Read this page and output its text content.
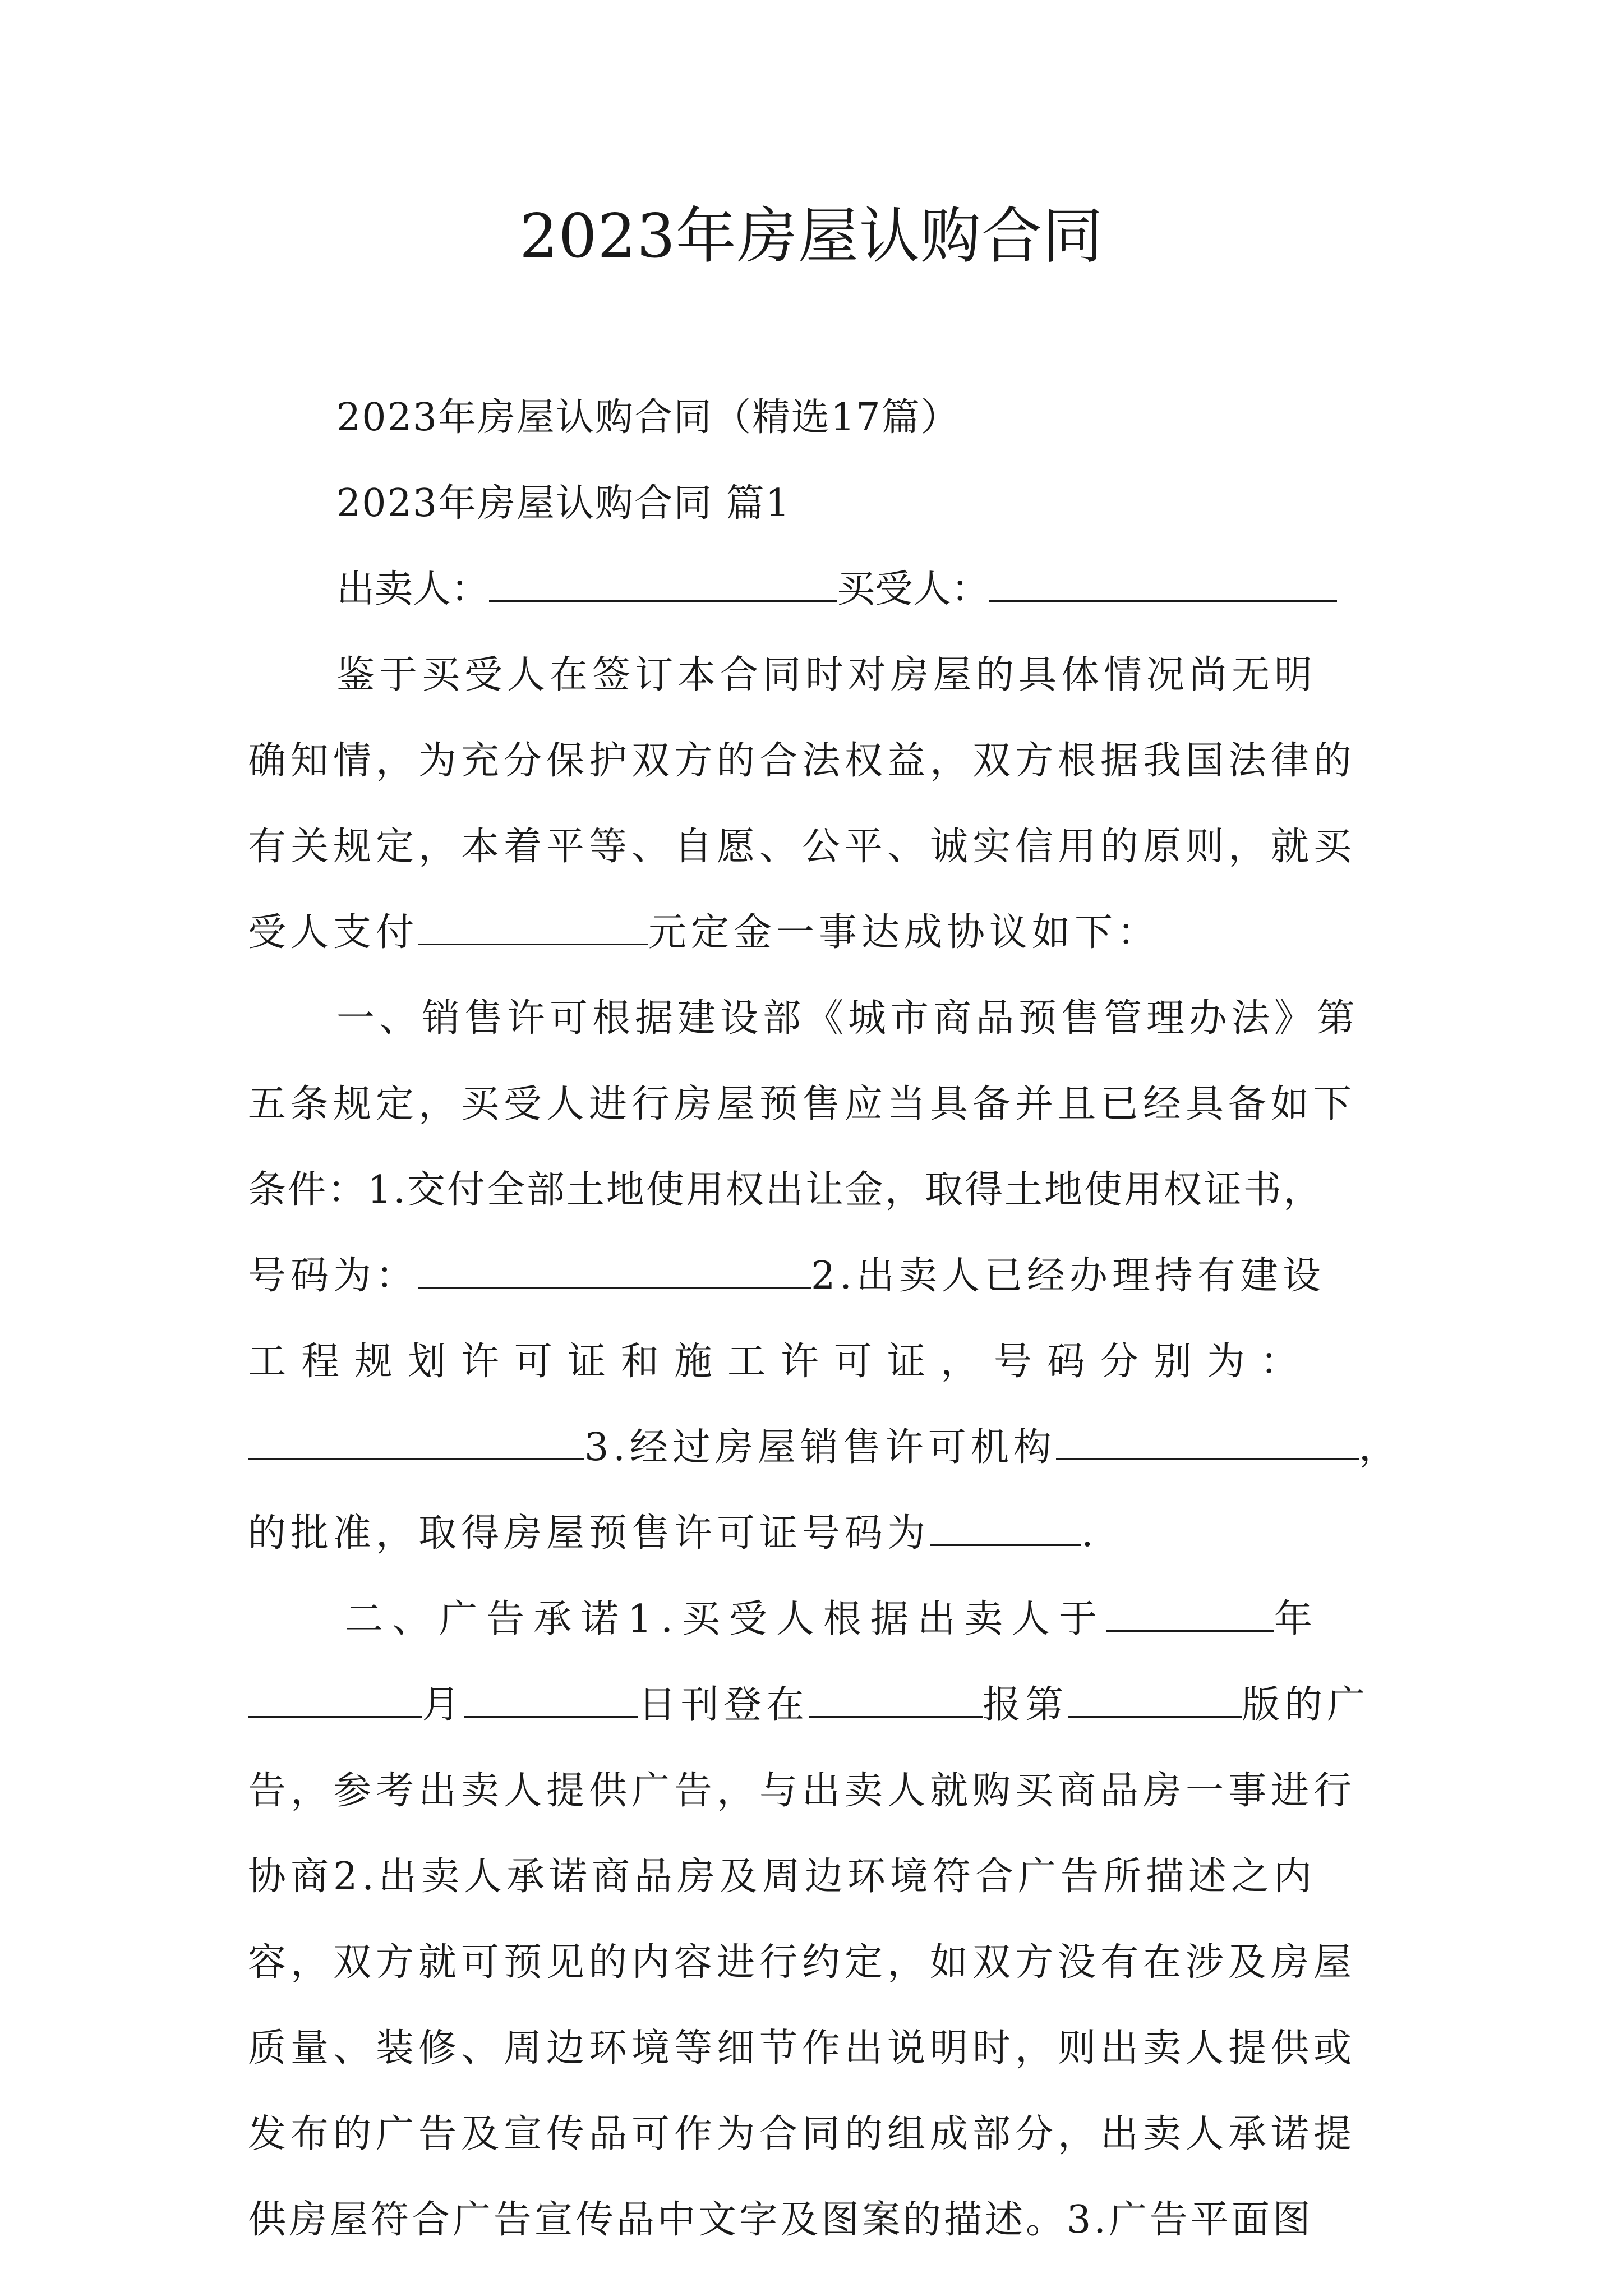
2023年房屋认购合同
2023年房屋认购合同（精选17篇）
2023年房屋认购合同 篇1
出卖人：	买受人：
鉴于买受人在签订本合同时对房屋的具体情况尚无明
确知情，为充分保护双方的合法权益，双方根据我国法律的
有关规定，本着平等、自愿、公平、诚实信用的原则，就买
受人支付	元定金一事达成协议如下：
一、销售许可根据建设部《城市商品预售管理办法》第
五条规定，买受人进行房屋预售应当具备并且已经具备如下
条件：1.交付全部土地使用权出让金，取得土地使用权证书，
号码为：	2.出卖人已经办理持有建设
工程规划许可证和施工许可证，号码分别为：
3.经过房屋销售许可机构	，
的批准，取得房屋预售许可证号码为	.
二、广告承诺1.买受人根据出卖人于	年
月	日刊登在	报第	版的广
告，参考出卖人提供广告，与出卖人就购买商品房一事进行
协商2.出卖人承诺商品房及周边环境符合广告所描述之内
容，双方就可预见的内容进行约定，如双方没有在涉及房屋
质量、装修、周边环境等细节作出说明时，则出卖人提供或
发布的广告及宣传品可作为合同的组成部分，出卖人承诺提
供房屋符合广告宣传品中文字及图案的描述。3.广告平面图
